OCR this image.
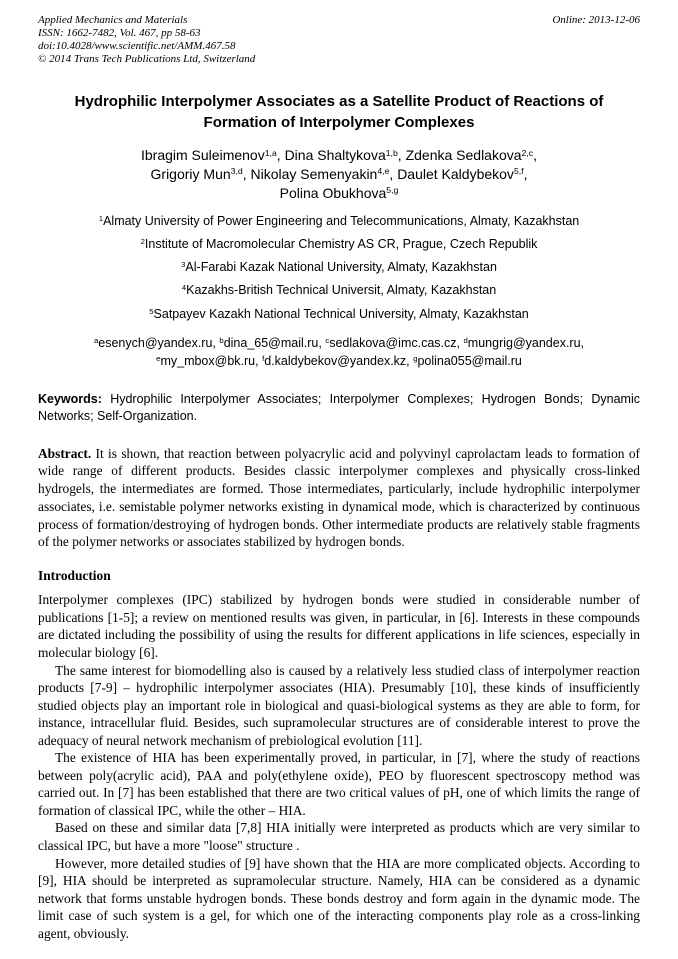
Applied Mechanics and Materials
ISSN: 1662-7482, Vol. 467, pp 58-63
doi:10.4028/www.scientific.net/AMM.467.58
© 2014 Trans Tech Publications Ltd, Switzerland
Online: 2013-12-06
Hydrophilic Interpolymer Associates as a Satellite Product of Reactions of Formation of Interpolymer Complexes
Ibragim Suleimenov$^{1,a}$, Dina Shaltykova$^{1,b}$, Zdenka Sedlakova$^{2,c}$,
Grigoriy Mun$^{3,d}$, Nikolay Semenyakin$^{4,e}$, Daulet Kaldybekov$^{5,f}$,
Polina Obukhova$^{5,g}$
$^1$Almaty University of Power Engineering and Telecommunications, Almaty, Kazakhstan
$^2$Institute of Macromolecular Chemistry AS CR, Prague, Czech Republik
$^3$Al-Farabi Kazak National University, Almaty, Kazakhstan
$^4$Kazakhs-British Technical Universit, Almaty, Kazakhstan
$^5$Satpayev Kazakh National Technical University, Almaty, Kazakhstan
$^a$esenych@yandex.ru, $^b$dina_65@mail.ru, $^c$sedlakova@imc.cas.cz, $^d$mungrig@yandex.ru,
$^e$my_mbox@bk.ru, $^f$d.kaldybekov@yandex.kz, $^g$polina055@mail.ru

Keywords: Hydrophilic Interpolymer Associates; Interpolymer Complexes; Hydrogen Bonds; Dynamic Networks; Self-Organization.

Abstract. It is shown, that reaction between polyacrylic acid and polyvinyl caprolactam leads to formation of wide range of different products. Besides classic interpolymer complexes and physically cross-linked hydrogels, the intermediates are formed. Those intermediates, particularly, include hydrophilic interpolymer associates, i.e. semistable polymer networks existing in dynamical mode, which is characterized by continuous process of formation/destroying of hydrogen bonds. Other intermediate products are relatively stable fragments of the polymer networks or associates stabilized by hydrogen bonds.

Introduction

Interpolymer complexes (IPC) stabilized by hydrogen bonds were studied in considerable number of publications [1-5]; a review on mentioned results was given, in particular, in [6]. Interests in these compounds are dictated including the possibility of using the results for different applications in life sciences, especially in molecular biology [6].

The same interest for biomodelling also is caused by a relatively less studied class of interpolymer reaction products [7-9] – hydrophilic interpolymer associates (HIA). Presumably [10], these kinds of insufficiently studied objects play an important role in biological and quasi-biological systems as they are able to form, for instance, intracellular fluid. Besides, such supramolecular structures are of considerable interest to prove the adequacy of neural network mechanism of prebiological evolution [11].

The existence of HIA has been experimentally proved, in particular, in [7], where the study of reactions between poly(acrylic acid), PAA and poly(ethylene oxide), PEO by fluorescent spectroscopy method was carried out. In [7] has been established that there are two critical values of pH, one of which limits the range of formation of classical IPC, while the other – HIA.

Based on these and similar data [7,8] HIA initially were interpreted as products which are very similar to classical IPC, but have a more "loose" structure .

However, more detailed studies of [9] have shown that the HIA are more complicated objects. According to [9], HIA should be interpreted as supramolecular structure. Namely, HIA can be considered as a dynamic network that forms unstable hydrogen bonds. These bonds destroy and form again in the dynamic mode. The limit case of such system is a gel, for which one of the interacting components play role as a cross-linking agent, obviously.
